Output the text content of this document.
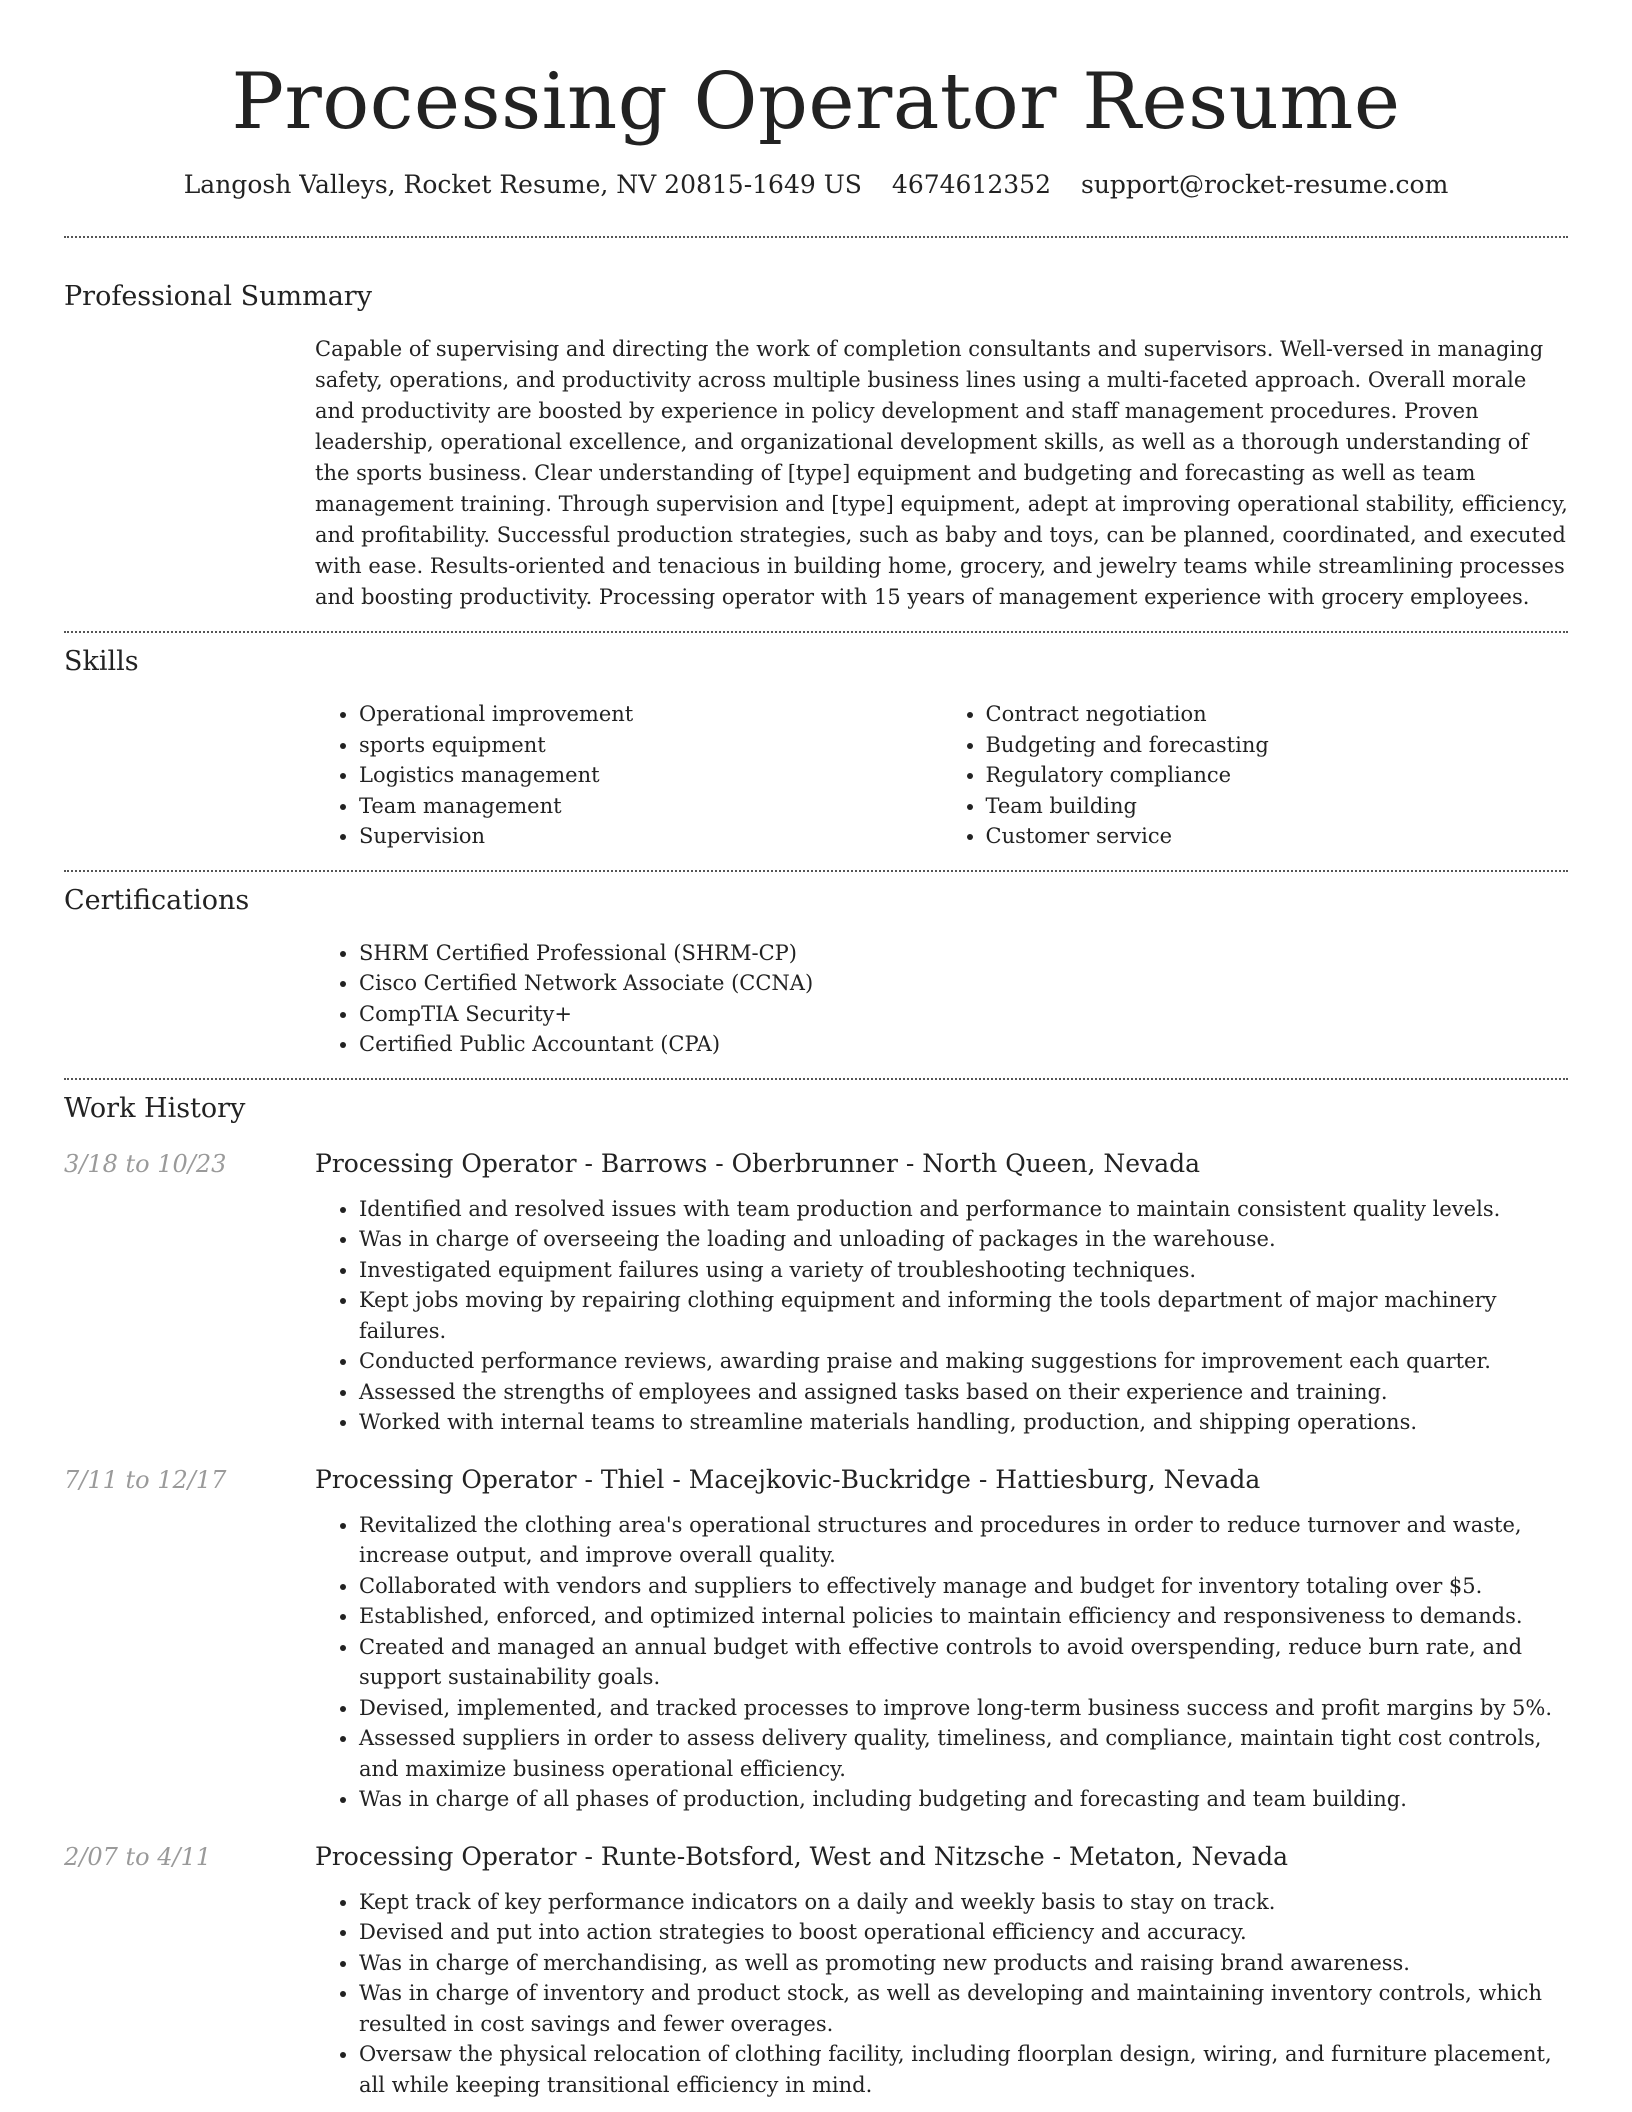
Processing Operator Resume
Langosh Valleys, Rocket Resume, NV 20815-1649 US 4674612352 support@rocket-resume.com
Professional Summary

Capable of supervising and directing the work of completion consultants and supervisors. Well-versed in managing safety, operations, and productivity across multiple business lines using a multi-faceted approach. Overall morale and productivity are boosted by experience in policy development and staff management procedures. Proven leadership, operational excellence, and organizational development skills, as well as a thorough understanding of the sports business. Clear understanding of [type] equipment and budgeting and forecasting as well as team management training. Through supervision and [type] equipment, adept at improving operational stability, efficiency, and profitability. Successful production strategies, such as baby and toys, can be planned, coordinated, and executed with ease. Results-oriented and tenacious in building home, grocery, and jewelry teams while streamlining processes and boosting productivity. Processing operator with 15 years of management experience with grocery employees.

Skills
• Operational improvement
• sports equipment
• Logistics management
• Team management
• Supervision
• Contract negotiation
• Budgeting and forecasting
• Regulatory compliance
• Team building
• Customer service
Certifications
• SHRM Certified Professional (SHRM-CP)
• Cisco Certified Network Associate (CCNA)
• CompTIA Security+
• Certified Public Accountant (CPA)
Work History
3/18 to 10/23	Processing Operator - Barrows - Oberbrunner - North Queen, Nevada
• Identified and resolved issues with team production and performance to maintain consistent quality levels.
• Was in charge of overseeing the loading and unloading of packages in the warehouse.
• Investigated equipment failures using a variety of troubleshooting techniques.
• Kept jobs moving by repairing clothing equipment and informing the tools department of major machinery failures.
• Conducted performance reviews, awarding praise and making suggestions for improvement each quarter.
• Assessed the strengths of employees and assigned tasks based on their experience and training.
• Worked with internal teams to streamline materials handling, production, and shipping operations.
7/11 to 12/17	Processing Operator - Thiel - Macejkovic-Buckridge - Hattiesburg, Nevada
• Revitalized the clothing area's operational structures and procedures in order to reduce turnover and waste, increase output, and improve overall quality.
• Collaborated with vendors and suppliers to effectively manage and budget for inventory totaling over $5.
• Established, enforced, and optimized internal policies to maintain efficiency and responsiveness to demands.
• Created and managed an annual budget with effective controls to avoid overspending, reduce burn rate, and support sustainability goals.
• Devised, implemented, and tracked processes to improve long-term business success and profit margins by 5%.
• Assessed suppliers in order to assess delivery quality, timeliness, and compliance, maintain tight cost controls, and maximize business operational efficiency.
• Was in charge of all phases of production, including budgeting and forecasting and team building.
2/07 to 4/11	Processing Operator - Runte-Botsford, West and Nitzsche - Metaton, Nevada
• Kept track of key performance indicators on a daily and weekly basis to stay on track.
• Devised and put into action strategies to boost operational efficiency and accuracy.
• Was in charge of merchandising, as well as promoting new products and raising brand awareness.
• Was in charge of inventory and product stock, as well as developing and maintaining inventory controls, which resulted in cost savings and fewer overages.
• Oversaw the physical relocation of clothing facility, including floorplan design, wiring, and furniture placement, all while keeping transitional efficiency in mind.
